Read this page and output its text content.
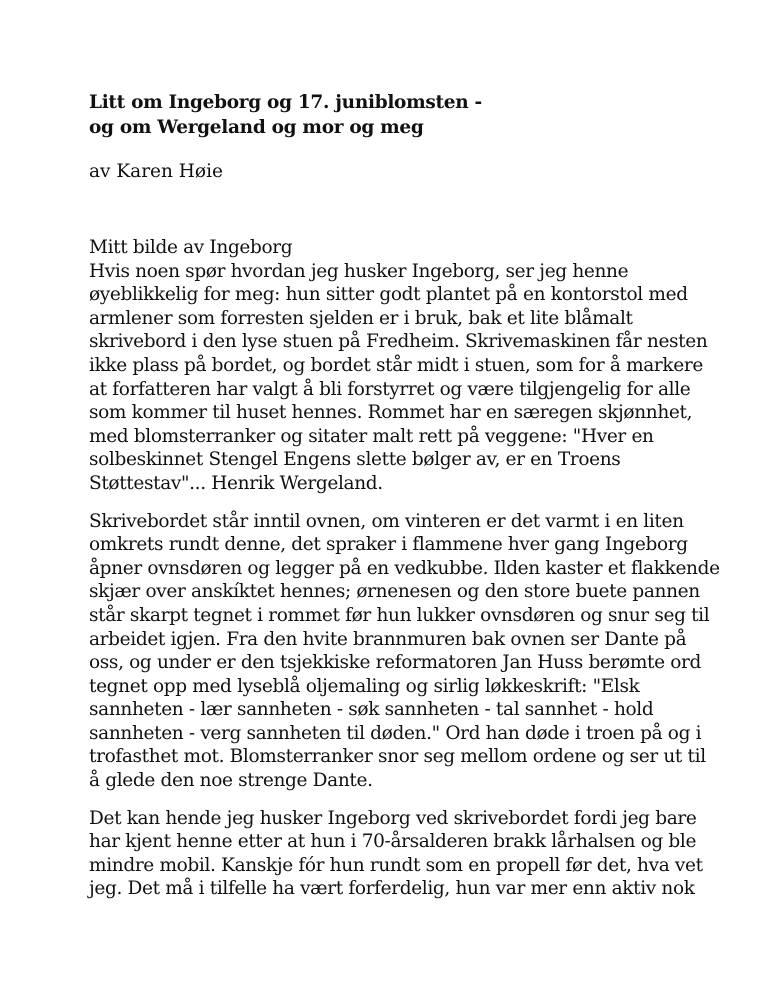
Litt om Ingeborg og 17. juniblomsten -
og om Wergeland og mor og meg

av Karen Høie

Mitt bilde av Ingeborg
Hvis noen spør hvordan jeg husker Ingeborg, ser jeg henne
øyeblikkelig for meg: hun sitter godt plantet på en kontorstol med
armlener som forresten sjelden er i bruk, bak et lite blåmalt
skrivebord i den lyse stuen på Fredheim. Skrivemaskinen får nesten
ikke plass på bordet, og bordet står midt i stuen, som for å markere
at forfatteren har valgt å bli forstyrret og være tilgjengelig for alle
som kommer til huset hennes. Rommet har en særegen skjønnhet,
med blomsterranker og sitater malt rett på veggene: "Hver en
solbeskinnet Stengel Engens slette bølger av, er en Troens
Støttestav"... Henrik Wergeland.

Skrivebordet står inntil ovnen, om vinteren er det varmt i en liten
omkrets rundt denne, det spraker i flammene hver gang Ingeborg
åpner ovnsdøren og legger på en vedkubbe. Ilden kaster et flakkende
skjær over anskíktet hennes; ørnenesen og den store buete pannen
står skarpt tegnet i rommet før hun lukker ovnsdøren og snur seg til
arbeidet igjen. Fra den hvite brannmuren bak ovnen ser Dante på
oss, og under er den tsjekkiske reformatoren Jan Huss berømte ord
tegnet opp med lyseblå oljemaling og sirlig løkkeskrift: "Elsk
sannheten - lær sannheten - søk sannheten - tal sannhet - hold
sannheten - verg sannheten til døden." Ord han døde i troen på og i
trofasthet mot. Blomsterranker snor seg mellom ordene og ser ut til
å glede den noe strenge Dante.

Det kan hende jeg husker Ingeborg ved skrivebordet fordi jeg bare
har kjent henne etter at hun i 70-årsalderen brakk lårhalsen og ble
mindre mobil. Kanskje fór hun rundt som en propell før det, hva vet
jeg. Det må i tilfelle ha vært forferdelig, hun var mer enn aktiv nok
